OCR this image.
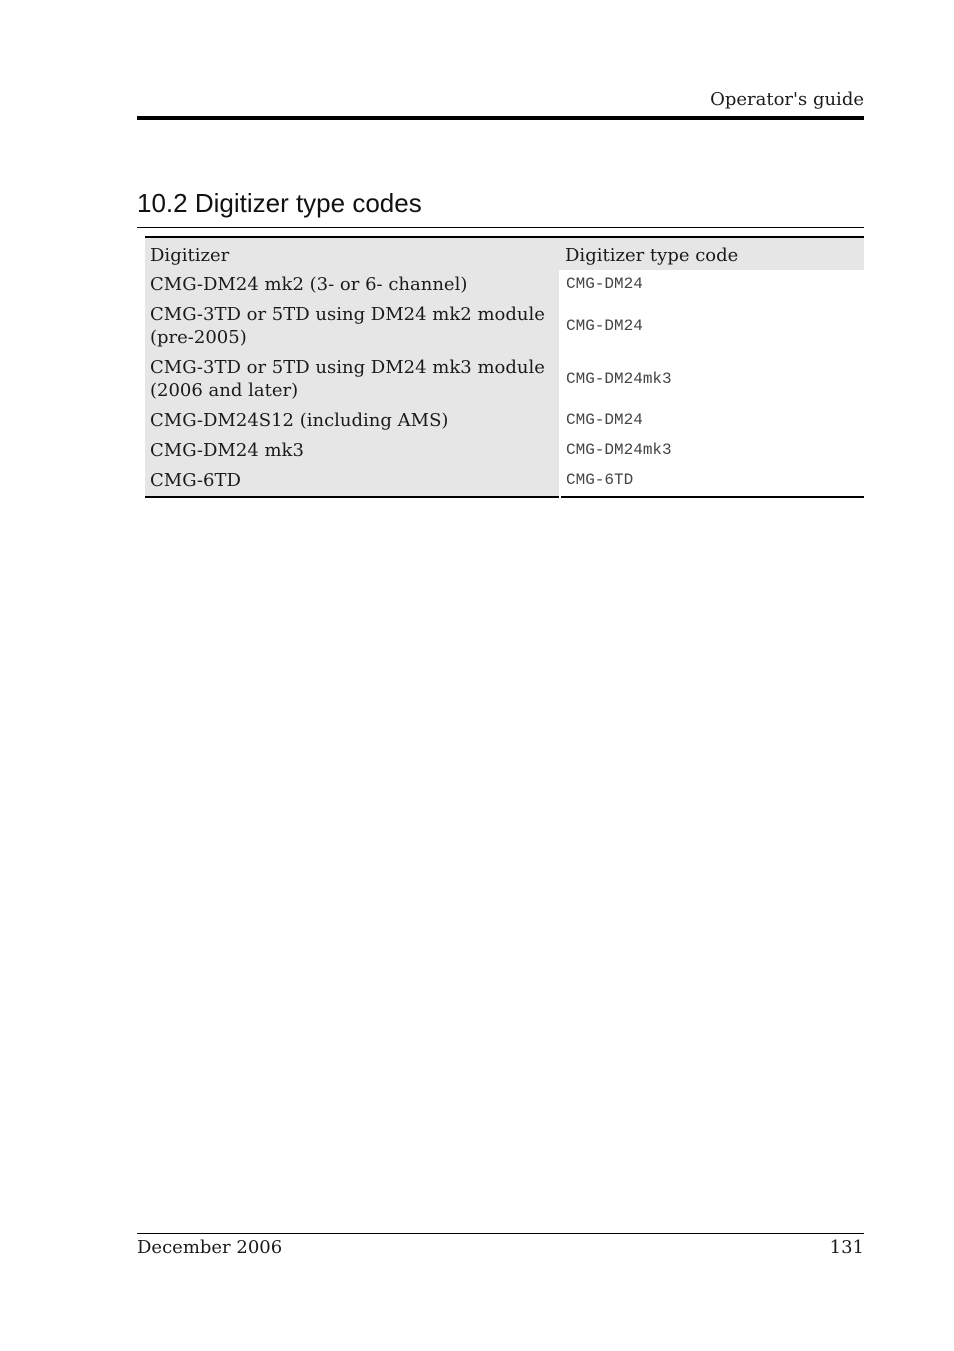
Operator's guide
10.2 Digitizer type codes
Digitizer	Digitizer type code
CMG-DM24 mk2 (3- or 6- channel)	CMG-DM24
CMG-3TD or 5TD using DM24 mk2 module (pre-2005)	CMG-DM24
CMG-3TD or 5TD using DM24 mk3 module (2006 and later)	CMG-DM24mk3
CMG-DM24S12 (including AMS)	CMG-DM24
CMG-DM24 mk3	CMG-DM24mk3
CMG-6TD	CMG-6TD
December 2006	131
